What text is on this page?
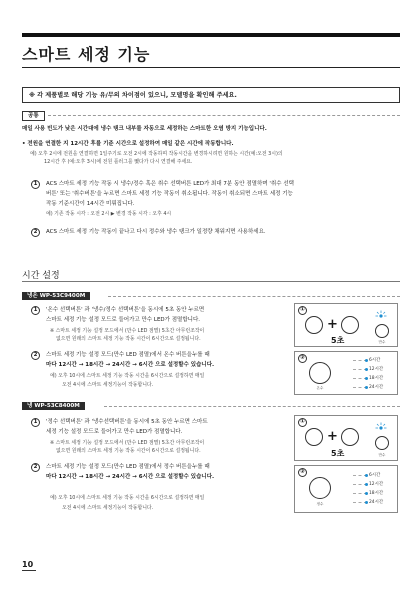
스마트 세정 기능
※ 각 제품별로 해당 기능 유/무의 차이점이 있으니, 모델명을 확인해 주세요.
공통
매일 사용 빈도가 낮은 시간대에 냉수 탱크 내부를 자동으로 세정하는 스마트한 오염 방지 기능입니다.
• 전원을 연결한 지 12시간 후를 기준 시간으로 설정하여 매일 같은 시간에 작동합니다.
예) 오후 2시에 전원을 연결하면 1일주기로 오전 2시에 작동하며 작동시간을 변경하시려면 원하는 시간(예:오전 3시)의
12시간 후 (예:오후 3시)에 전원 플러그를 뺐다가 다시 연결해 주세요.
1	ACS 스마트 세정 기능 작동 시 냉수/정수 혹은 취수 선택버튼 LED가 최대 7분 동안 점멸하며 '취수 선택
버튼' 또는 '취수버튼'을 누르면 스마트 세정 기능 작동이 취소됩니다. 작동이 취소되면 스마트 세정 기능
작동 기준시간이 14시간 미뤄집니다.
예) 기존 작동 시각 : 오전 2시 ▶ 변경 작동 시각 : 오후 4시
2	ACS 스마트 세정 기능 작동이 끝나고 다시 정수와 냉수 탱크가 일정량 채워지면 사용하세요.
시간 설정
냉온 WP-53C9400M
1	'온수 선택버튼' 과 '냉수/정수 선택버튼'을 동시에 5초 동안 누르면
스마트 세정 기능 설정 모드로 들어가고 만수 LED가 점멸합니다.
※ 스마트 세정 기능 설정 모드에서 (만수 LED 점멸) 5초간 아무런조작이
없으면 원래의 스마트 세정 기능 작동 시간이 6시간으로 설정됩니다.
2	스마트 세정 기능 설정 모드(만수 LED 점멸)에서 온수 버튼을누를 때
마다 12시간 → 18시간 → 24시간 → 6시간 으로 설정할수 있습니다.
예) 오후 10시에 스마트 세정 기능 작동 시간을 6시간으로 설정하면 매일
오전 4시에 스마트 세정기능이 작동합니다.
①
+
5초	만수
②
온수
6시간
12시간
18시간
24시간
냉 WP-53C8400M
1	'정수 선택버튼' 과 '냉수선택버튼'을 동시에 5초 동안 누르면 스마트
세정 기능 설정 모드로 들어가고 만수 LED가 점멸합니다.
※ 스마트 세정 기능 설정 모드에서 (만수 LED 점멸) 5초간 아무런조작이
없으면 원래의 스마트 세정 기능 작동 시간이 6시간으로 설정됩니다.
2	스마트 세정 기능 설정 모드(만수 LED 점멸)에서 정수 버튼을누를 때
마다 12시간 → 18시간 → 24시간 → 6시간 으로 설정할수 있습니다.
예) 오후 10시에 스마트 세정 기능 작동 시간을 6시간으로 설정하면 매일
오전 4시에 스마트 세정기능이 작동합니다.
①
+
5초	만수
②
정수
6시간
12시간
18시간
24시간
10
